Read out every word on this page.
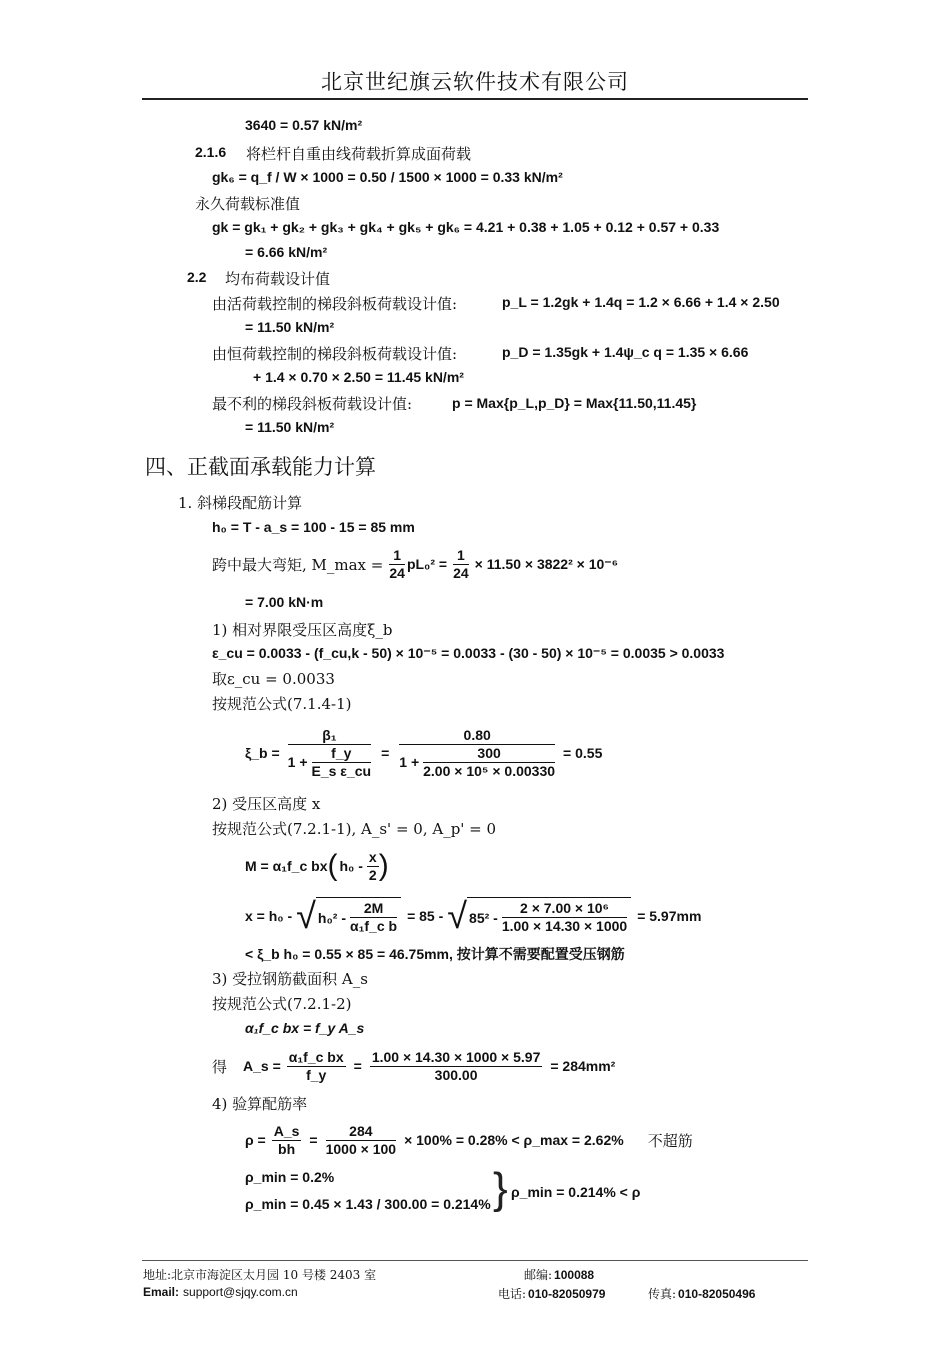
北京世纪旗云软件技术有限公司
3640 = 0.57 kN/m²
2.1.6 将栏杆自重由线荷载折算成面荷载
gk₆ = q_f / W × 1000 = 0.50 / 1500 × 1000 = 0.33 kN/m²
永久荷载标准值
gk = gk₁ + gk₂ + gk₃ + gk₄ + gk₅ + gk₆ = 4.21 + 0.38 + 1.05 + 0.12 + 0.57 + 0.33
= 6.66 kN/m²
2.2 均布荷载设计值
由活荷载控制的梯段斜板荷载设计值:	p_L = 1.2gk + 1.4q = 1.2 × 6.66 + 1.4 × 2.50
= 11.50 kN/m²
由恒荷载控制的梯段斜板荷载设计值:	p_D = 1.35gk + 1.4ψ_c q = 1.35 × 6.66
+ 1.4 × 0.70 × 2.50 = 11.45 kN/m²
最不利的梯段斜板荷载设计值:	p = Max{p_L,p_D} = Max{11.50,11.45}
= 11.50 kN/m²
四、正截面承载能力计算
1. 斜梯段配筋计算
h₀ = T - a_s = 100 - 15 = 85 mm
跨中最大弯矩, M_max = $\frac{1}{24} pL_0^2 = \frac{1}{24} \times 11.50 \times 3822^2 \times 10^{-6}$
= 7.00 kN·m
1) 相对界限受压区高度ξ_b
ε_cu = 0.0033 - (f_cu,k - 50) × 10⁻⁵ = 0.0033 - (30 - 50) × 10⁻⁵ = 0.0035 > 0.0033
取ε_cu = 0.0033
按规范公式(7.1.4-1)
ξ_b = $\frac{\text{β₁}}{1 + \frac{f\_y}{\text{E\_s ε\_cu}}} = \frac{0.80}{1 + \frac{300}{\text{2.00 × 10⁵ × 0.00330}}} = 0.55$
2) 受压区高度 x
按规范公式(7.2.1-1), A_s' = 0, A_p' = 0
M = α₁f_c bx ( $h_0 - \frac{x}{2}$ )
x = h₀ - √ $h_0^2 - \frac{2M}{\text{α₁f\_c b}} = 85$ - √ $85^2 - \frac{\text{2 × 7.00 × 10⁶}}{1.00 \times 14.30 \times 1000} = 5.97mm$
< ξ_b h₀ = 0.55 × 85 = 46.75mm, 按计算不需要配置受压钢筋
3) 受拉钢筋截面积 A_s
按规范公式(7.2.1-2)
α₁f_c bx = f_y A_s
得 A_s = $\frac{\text{α₁f\_c bx}}{f\_y} = \frac{1.00 \times 14.30 \times 1000 \times 5.97}{300.00} = 284mm^2$
4) 验算配筋率
$\rho = \frac{A\_s}{bh} = \frac{284}{1000 \times 100} \times 100\% = 0.28\%$ < ρ_max = 2.62% 不超筋
ρ_min = 0.2%
ρ_min = 0.45 × 1.43 / 300.00 = 0.214% } ρ_min = 0.214% < ρ
地址:北京市海淀区太月园 10 号楼 2403 室	邮编: 100088
Email: support@sjqy.com.cn	电话: 010-82050979	传真: 010-82050496
